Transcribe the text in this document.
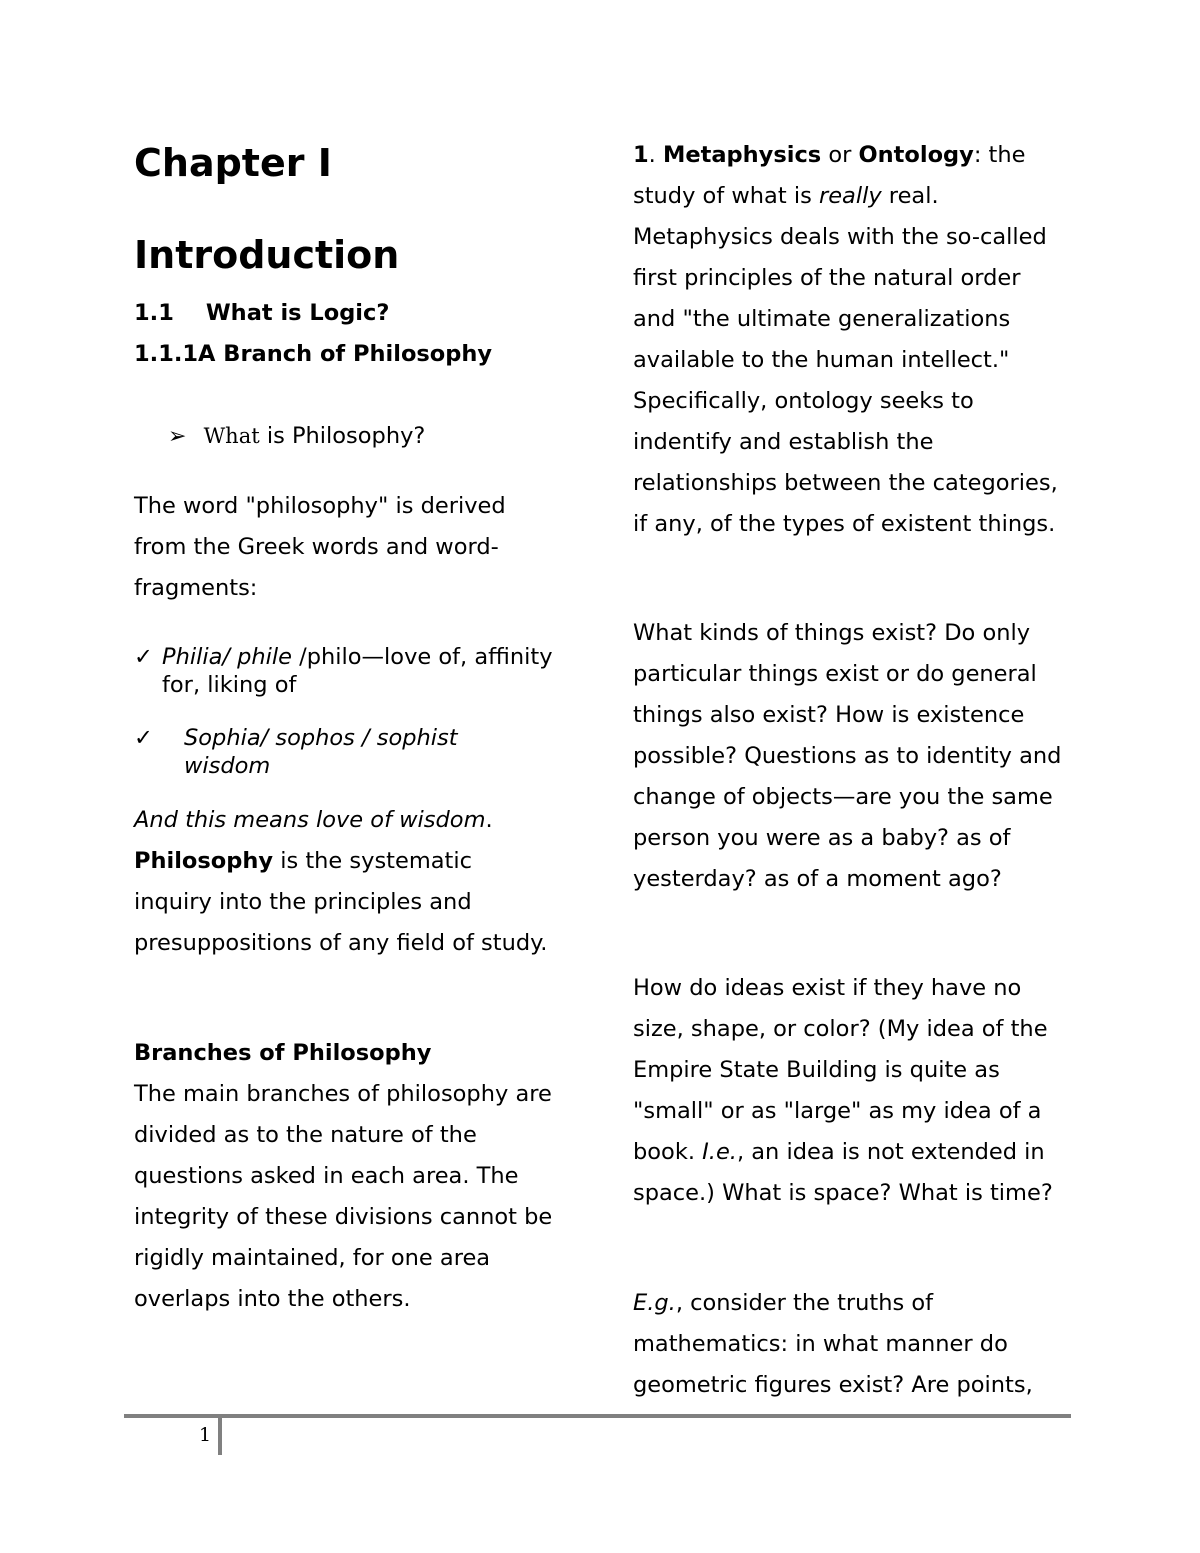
Chapter I
Introduction
1.1 What is Logic?
1.1.1A Branch of Philosophy
➢ What is Philosophy?

The word "philosophy" is derived from the Greek words and word-fragments:

✓ Philia/ phile /philo—love of, affinity for, liking of
✓ Sophia/ sophos / sophist wisdom

And this means love of wisdom.
Philosophy is the systematic inquiry into the principles and presuppositions of any field of study.

Branches of Philosophy

The main branches of philosophy are divided as to the nature of the questions asked in each area. The integrity of these divisions cannot be rigidly maintained, for one area overlaps into the others.

1. Metaphysics or Ontology: the study of what is really real. Metaphysics deals with the so-called first principles of the natural order and "the ultimate generalizations available to the human intellect." Specifically, ontology seeks to indentify and establish the relationships between the categories, if any, of the types of existent things.

What kinds of things exist? Do only particular things exist or do general things also exist? How is existence possible? Questions as to identity and change of objects—are you the same person you were as a baby? as of yesterday? as of a moment ago?

How do ideas exist if they have no size, shape, or color? (My idea of the Empire State Building is quite as "small" or as "large" as my idea of a book. I.e., an idea is not extended in space.) What is space? What is time?

E.g., consider the truths of mathematics: in what manner do geometric figures exist? Are points,

1
